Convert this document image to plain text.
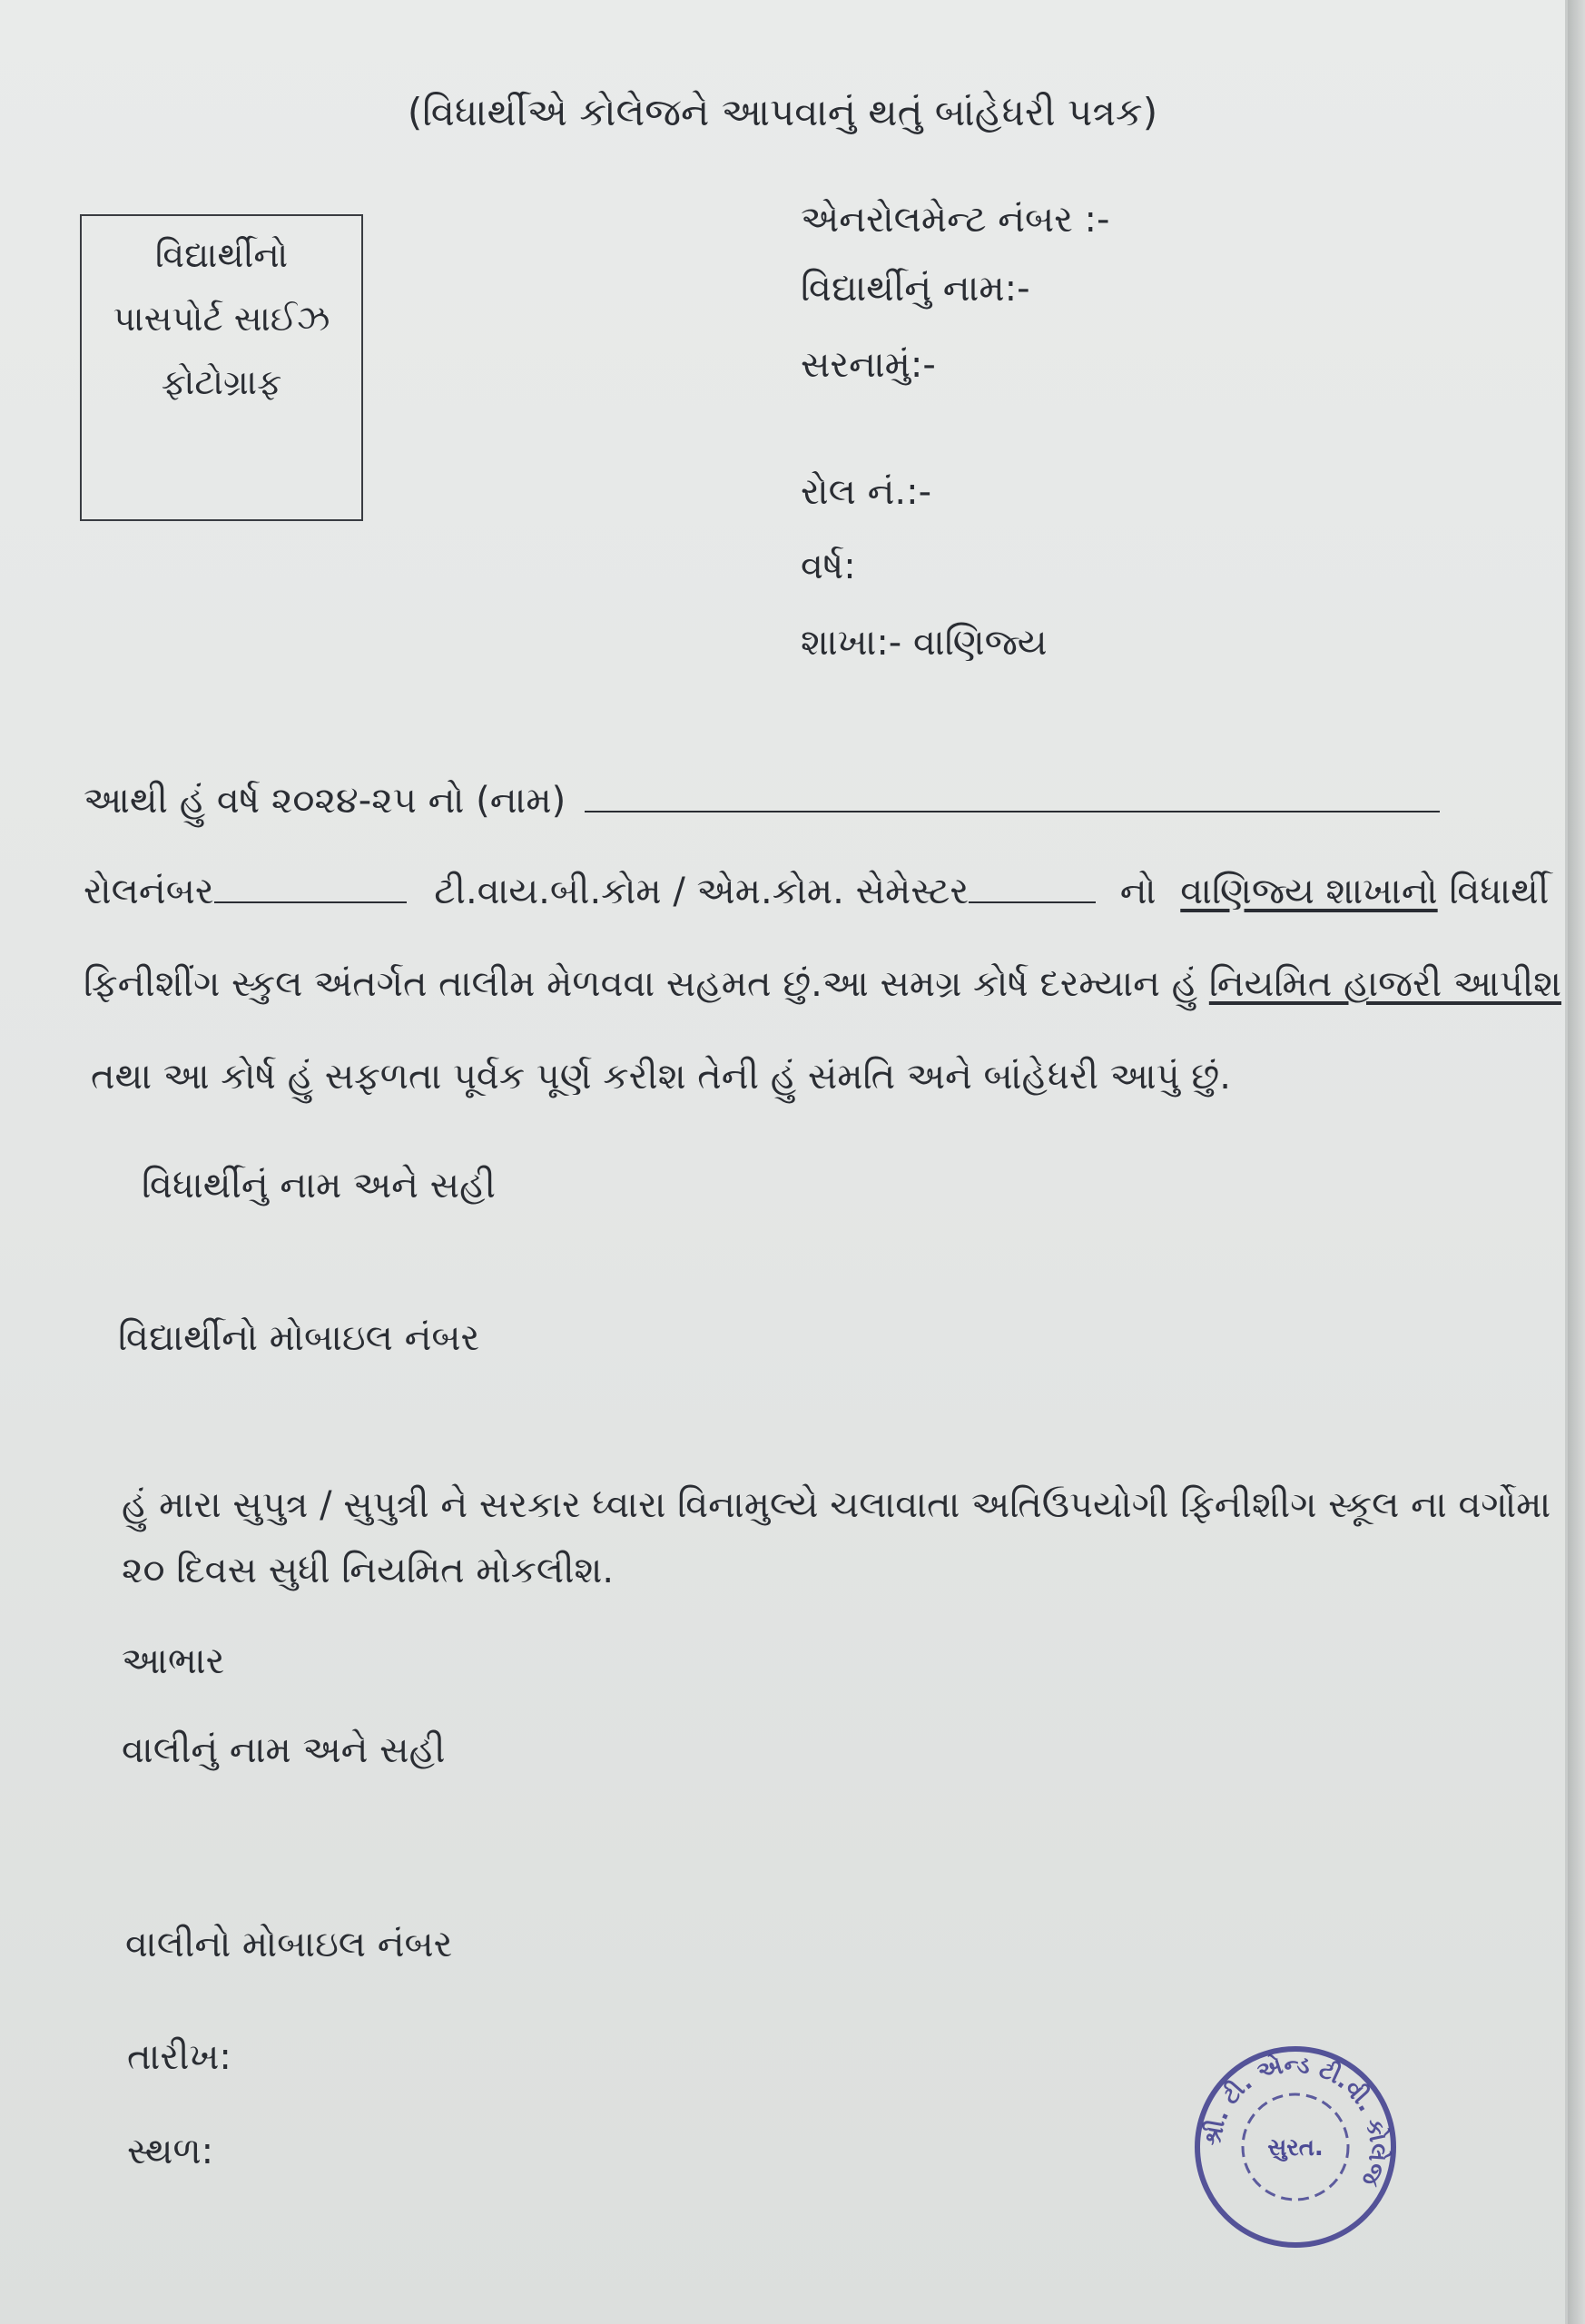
(વિધાર્થીએ કોલેજને આપવાનું થતું બાંહેધરી પત્રક)
વિદ્યાર્થીનો
પાસપોર્ટ સાઈઝ
ફોટોગ્રાફ
એનરોલમેન્ટ નંબર :-
વિદ્યાર્થીનું નામ:-
સરનામું:-
રોલ નં.:-
વર્ષ:
શાખા:- વાણિજ્ય
આથી હું વર્ષ ૨૦૨૪-૨૫ નો (નામ)
રોલનંબર	ટી.વાય.બી.કોમ / એમ.કોમ. સેમેસ્ટર	નો વાણિજ્ય શાખાનો વિધાર્થી
ફિનીશીંગ સ્કુલ અંતર્ગત તાલીમ મેળવવા સહમત છું.આ સમગ્ર કોર્ષ દરમ્યાન હું નિયમિત હાજરી આપીશ
તથા આ કોર્ષ હું સફળતા પૂર્વક પૂર્ણ કરીશ તેની હું સંમતિ અને બાંહેધરી આપું છું.
વિધાર્થીનું નામ અને સહી
વિદ્યાર્થીનો મોબાઇલ નંબર
હું મારા સુપુત્ર / સુપુત્રી ને સરકાર ધ્વારા વિનામુલ્યે ચલાવાતા અતિઉપયોગી ફિનીશીગ સ્કૂલ ના વર્ગોમા
૨૦ દિવસ સુધી નિયમિત મોકલીશ.
આભાર
વાલીનું નામ અને સહી
વાલીનો મોબાઇલ નંબર
તારીખ:
સ્થળ:	શ્રી. ટી. એન્ડ ટી.વી. કોલેજ
સુરત.
